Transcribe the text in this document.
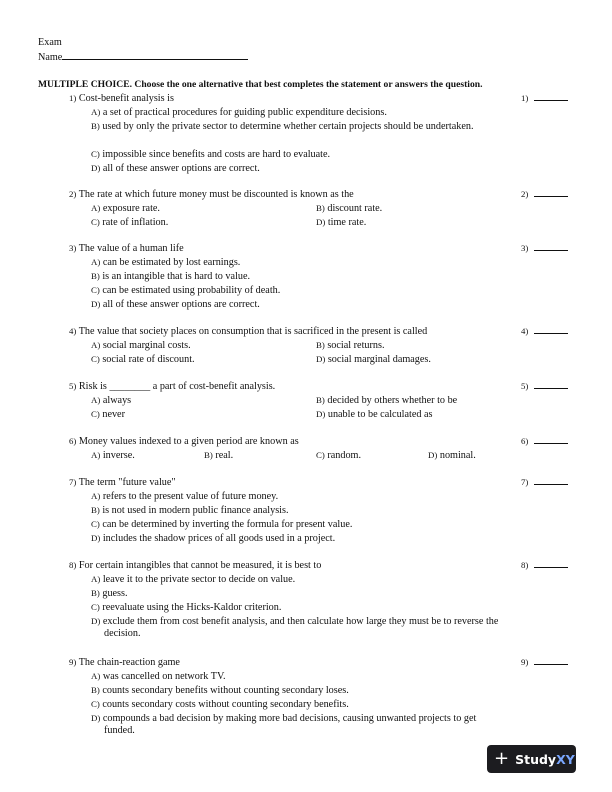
Exam
Name
MULTIPLE CHOICE. Choose the one alternative that best completes the statement or answers the question.
1) Cost-benefit analysis is	1)
A) a set of practical procedures for guiding public expenditure decisions.
B) used by only the private sector to determine whether certain projects should be undertaken.
C) impossible since benefits and costs are hard to evaluate.
D) all of these answer options are correct.
2) The rate at which future money must be discounted is known as the	2)
A) exposure rate.	B) discount rate.
C) rate of inflation.	D) time rate.
3) The value of a human life	3)
A) can be estimated by lost earnings.
B) is an intangible that is hard to value.
C) can be estimated using probability of death.
D) all of these answer options are correct.
4) The value that society places on consumption that is sacrificed in the present is called	4)
A) social marginal costs.	B) social returns.
C) social rate of discount.	D) social marginal damages.
5) Risk is ________ a part of cost-benefit analysis.	5)
A) always	B) decided by others whether to be
C) never	D) unable to be calculated as
6) Money values indexed to a given period are known as	6)
A) inverse.	B) real.	C) random.	D) nominal.
7) The term "future value"	7)
A) refers to the present value of future money.
B) is not used in modern public finance analysis.
C) can be determined by inverting the formula for present value.
D) includes the shadow prices of all goods used in a project.
8) For certain intangibles that cannot be measured, it is best to	8)
A) leave it to the private sector to decide on value.
B) guess.
C) reevaluate using the Hicks-Kaldor criterion.
D) exclude them from cost benefit analysis, and then calculate how large they must be to reverse the decision.
9) The chain-reaction game	9)
A) was cancelled on network TV.
B) counts secondary benefits without counting secondary loses.
C) counts secondary costs without counting secondary benefits.
D) compounds a bad decision by making more bad decisions, causing unwanted projects to get funded.
+ Study XY
